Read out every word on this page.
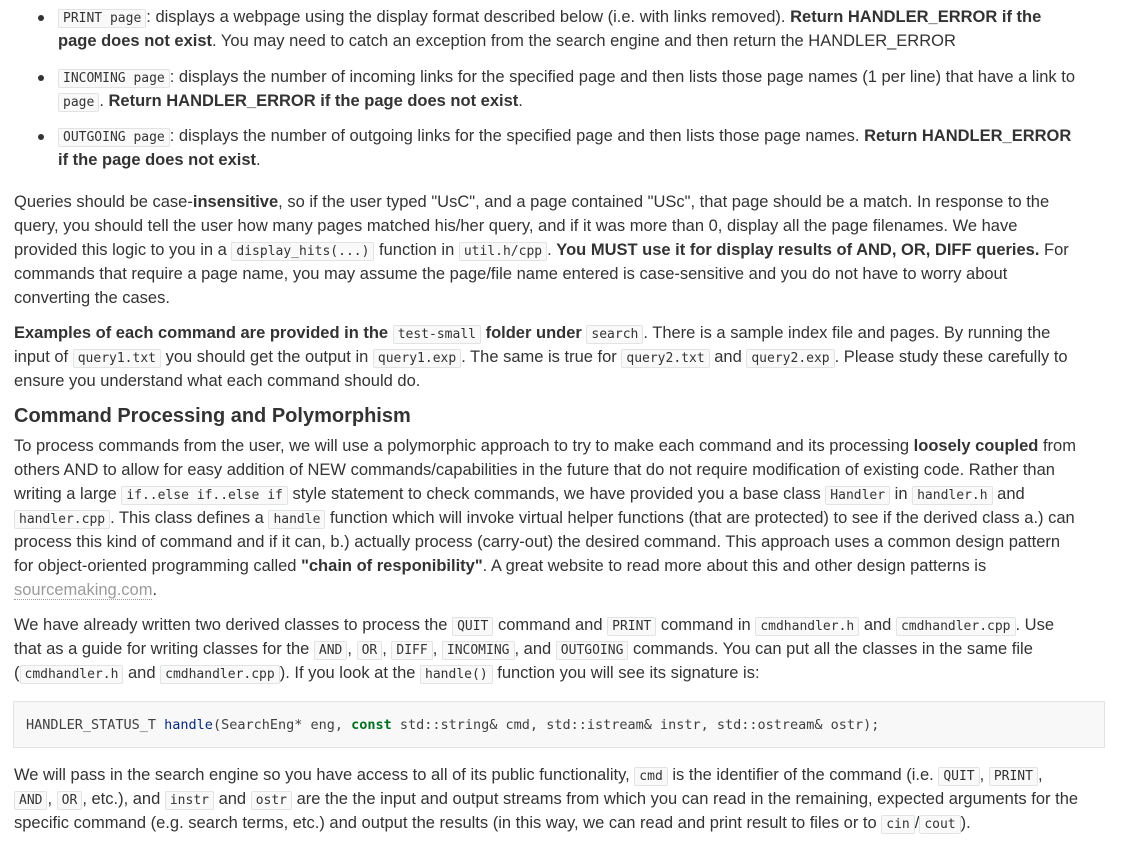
PRINT page : displays a webpage using the display format described below (i.e. with links removed). Return HANDLER_ERROR if the
page does not exist. You may need to catch an exception from the search engine and then return the HANDLER_ERROR
INCOMING page : displays the number of incoming links for the specified page and then lists those page names (1 per line) that have a link to
page . Return HANDLER_ERROR if the page does not exist.
OUTGOING page : displays the number of outgoing links for the specified page and then lists those page names. Return HANDLER_ERROR
if the page does not exist.
Queries should be case-insensitive, so if the user typed "UsC", and a page contained "USc", that page should be a match. In response to the
query, you should tell the user how many pages matched his/her query, and if it was more than 0, display all the page filenames. We have
provided this logic to you in a display_hits(...) function in util.h/cpp . You MUST use it for display results of AND, OR, DIFF queries. For
commands that require a page name, you may assume the page/file name entered is case-sensitive and you do not have to worry about
converting the cases.
Examples of each command are provided in the test-small folder under search . There is a sample index file and pages. By running the
input of query1.txt you should get the output in query1.exp . The same is true for query2.txt and query2.exp . Please study these carefully to
ensure you understand what each command should do.
Command Processing and Polymorphism
To process commands from the user, we will use a polymorphic approach to try to make each command and its processing loosely coupled from
others AND to allow for easy addition of NEW commands/capabilities in the future that do not require modification of existing code. Rather than
writing a large if..else if..else if style statement to check commands, we have provided you a base class Handler in handler.h and
handler.cpp . This class defines a handle function which will invoke virtual helper functions (that are protected) to see if the derived class a.) can
process this kind of command and if it can, b.) actually process (carry-out) the desired command. This approach uses a common design pattern
for object-oriented programming called "chain of responibility". A great website to read more about this and other design patterns is
sourcemaking.com.
We have already written two derived classes to process the QUIT command and PRINT command in cmdhandler.h and cmdhandler.cpp . Use
that as a guide for writing classes for the AND , OR , DIFF , INCOMING , and OUTGOING commands. You can put all the classes in the same file
( cmdhandler.h and cmdhandler.cpp ). If you look at the handle() function you will see its signature is:
HANDLER_STATUS_T handle(SearchEng* eng, const std::string& cmd, std::istream& instr, std::ostream& ostr);
We will pass in the search engine so you have access to all of its public functionality, cmd is the identifier of the command (i.e. QUIT , PRINT ,
AND , OR , etc.), and instr and ostr are the the input and output streams from which you can read in the remaining, expected arguments for the
specific command (e.g. search terms, etc.) and output the results (in this way, we can read and print result to files or to cin / cout ).
